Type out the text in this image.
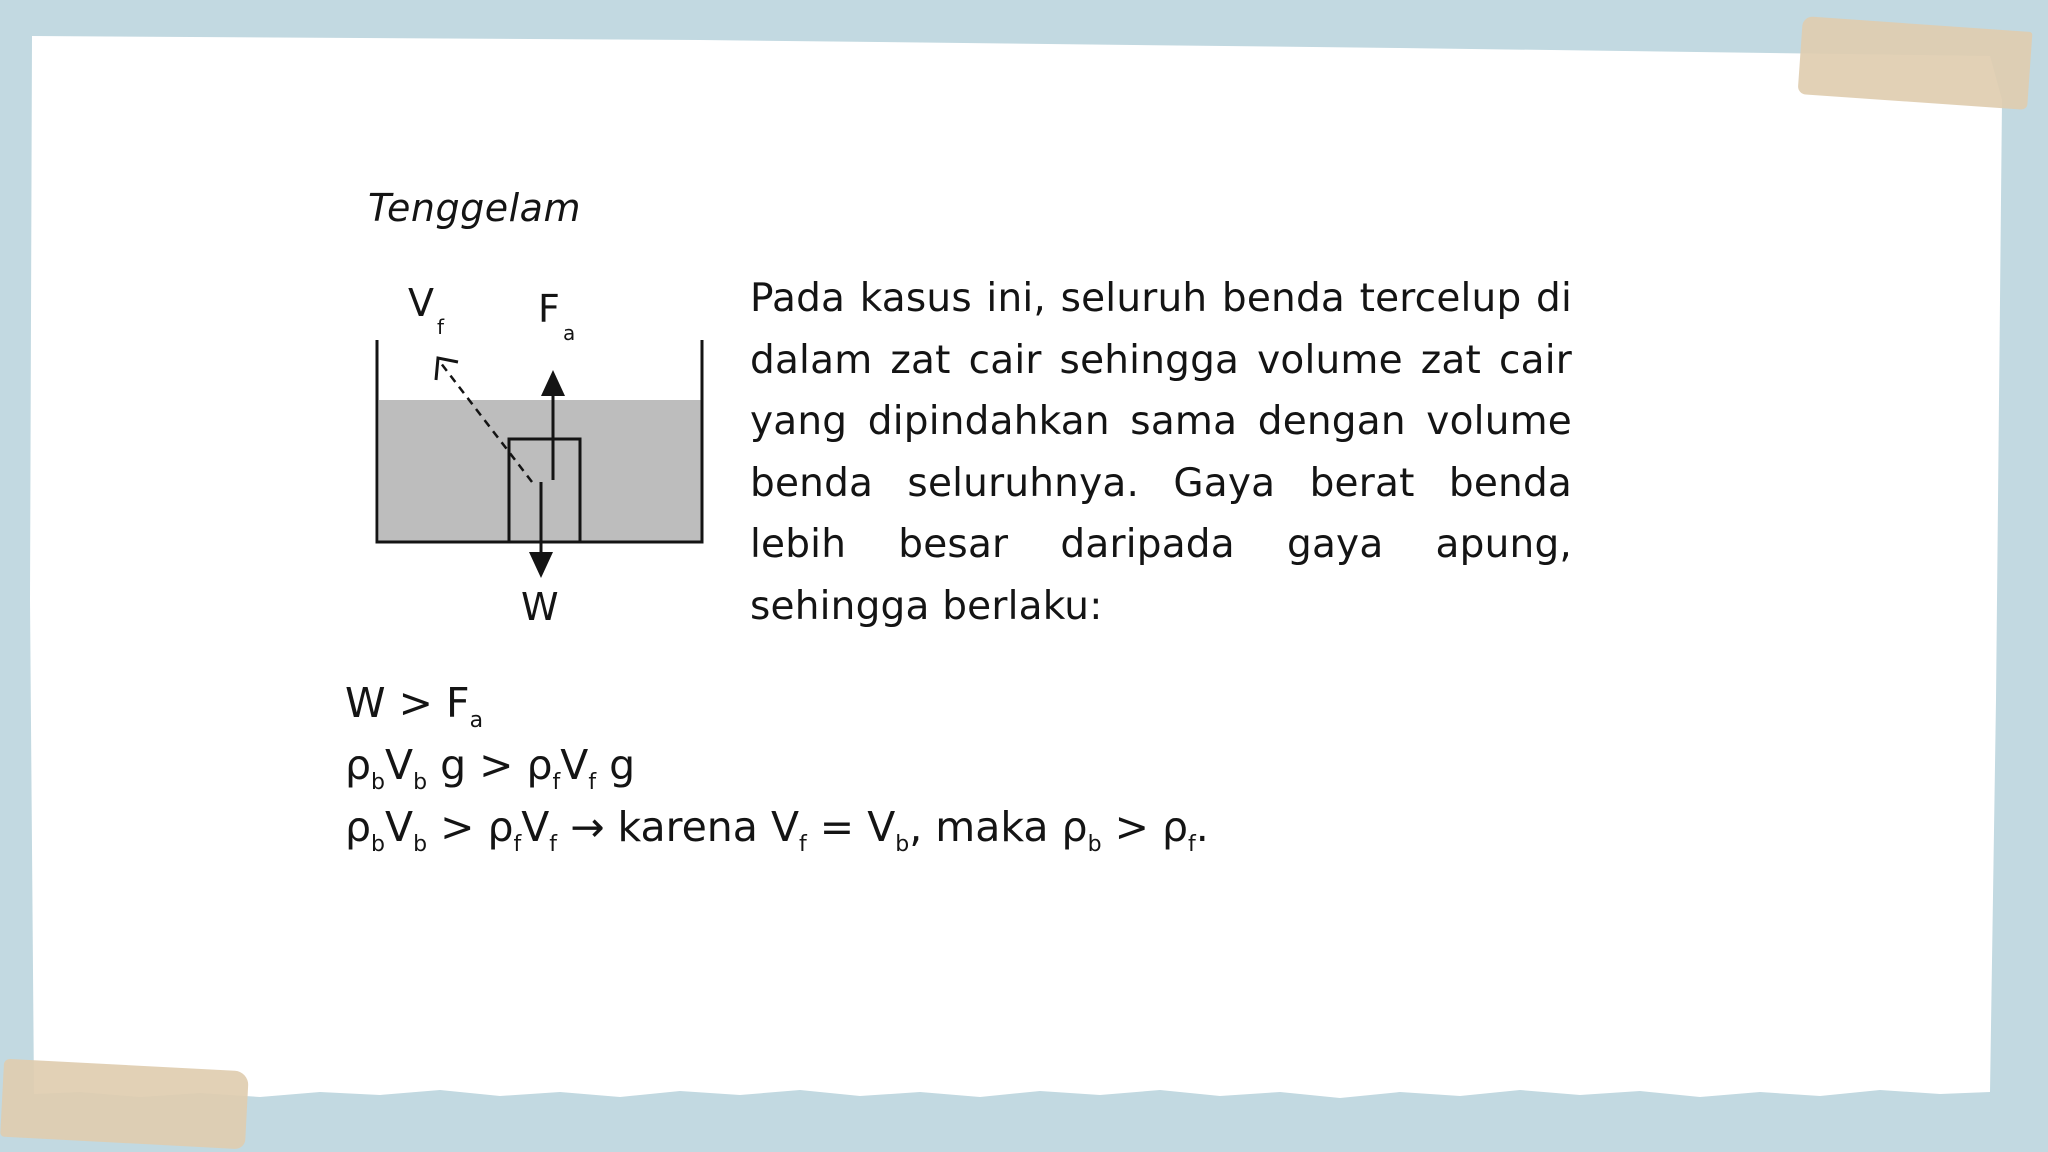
Tenggelam
V
f F
a
W

Pada kasus ini, seluruh benda tercelup di dalam zat cair sehingga volume zat cair yang dipindahkan sama dengan volume benda seluruhnya. Gaya berat benda lebih besar daripada gaya apung, sehingga berlaku:

$W > F_a$
$\rho_bV_b$ $g > \rho_fV_f$ g
$\rho_bV_b > \rho_fV_f$ → karena $V_f = V_b$, maka $\rho_b > \rho_f$.
